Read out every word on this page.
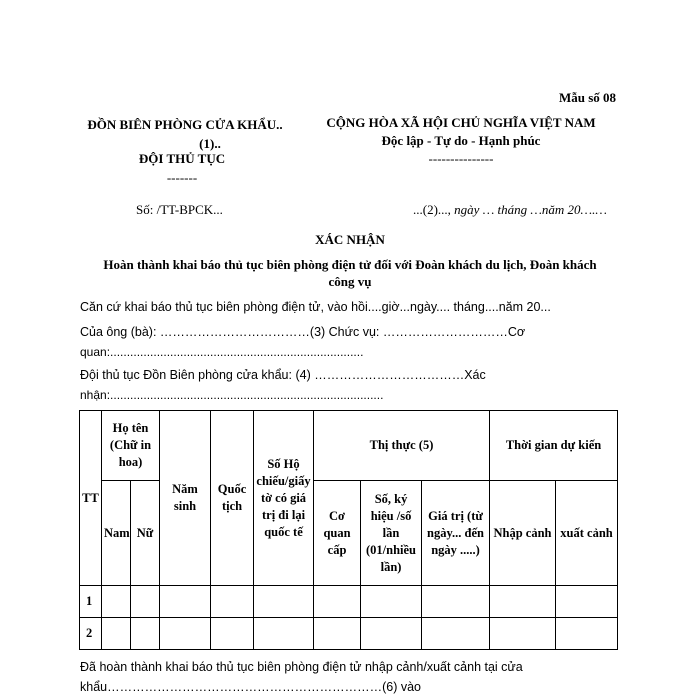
Mẫu số 08
ĐỒN BIÊN PHÒNG CỬA KHẨU..
(1)..
ĐỘI THỦ TỤC
-------
Số: /TT-BPCK...
CỘNG HÒA XÃ HỘI CHỦ NGHĨA VIỆT NAM
Độc lập - Tự do - Hạnh phúc
---------------
...(2)..., ngày … tháng …năm 20….…
XÁC NHẬN
Hoàn thành khai báo thủ tục biên phòng điện tử đối với Đoàn khách du lịch, Đoàn khách
công vụ
Căn cứ khai báo thủ tục biên phòng điện tử, vào hồi....giờ...ngày.... tháng....năm 20...
Của ông (bà): ………………………………(3) Chức vụ: …………………………Cơ
quan:............................................................................
Đội thủ tục Đồn Biên phòng cửa khẩu: (4) ………………………………Xác
nhận:..................................................................................
TT	Họ tên (Chữ in hoa)		Năm sinh	Quốc tịch	Số Hộ chiếu/giấy tờ có giá trị đi lại quốc tế	Thị thực (5)			Thời gian dự kiến	
	Nam	Nữ				Cơ quan cấp	Số, ký hiệu /số lần (01/nhiều lần)	Giá trị (từ ngày... đến ngày .....)	Nhập cảnh	xuất cảnh
1										
2										
Đã hoàn thành khai báo thủ tục biên phòng điện tử nhập cảnh/xuất cảnh tại cửa
khẩu…………………………………………………………(6) vào
